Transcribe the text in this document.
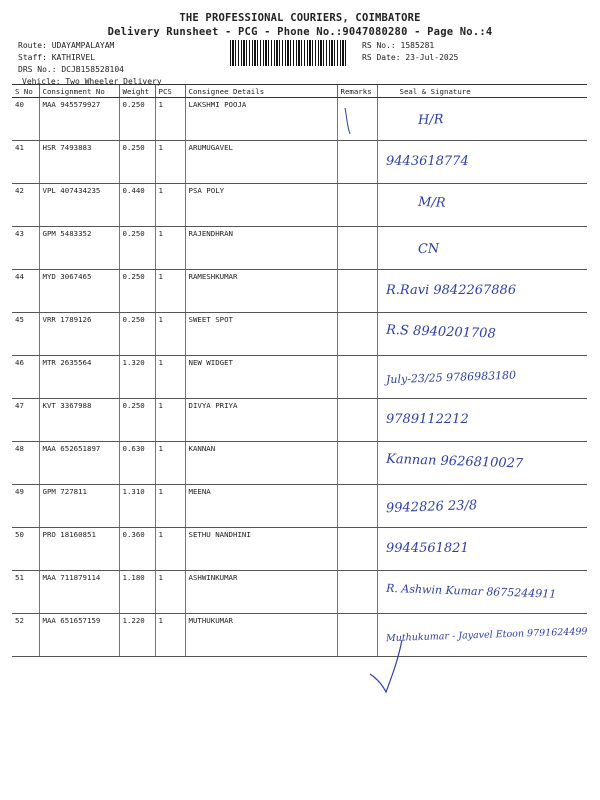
THE PROFESSIONAL COURIERS, COIMBATORE
Delivery Runsheet - PCG - Phone No.:9047080280 - Page No.:4
Route: UDAYAMPALAYAM
Staff: KATHIRVEL
DRS No.: DCJB158528104
Vehicle: Two Wheeler Delivery
RS No.: 1585281
RS Date: 23-Jul-2025
S No	Consignment No	Weight	PCS	Consignee Details	Remarks	Seal & Signature
40	MAA 945579927	0.250	1	LAKSHMI POOJA		H/R

41	HSR 7493883	0.250	1	ARUMUGAVEL		9443618774

42	VPL 407434235	0.440	1	PSA POLY		M/R

43	GPM 5483352	0.250	1	RAJENDHRAN		CN

44	MYD 3067465	0.250	1	RAMESHKUMAR		R.Ravi 9842267886

45	VRR 1789126	0.250	1	SWEET SPOT		R.S 8940201708

46	MTR 2635564	1.320	1	NEW WIDGET		July-23/25 9786983180

47	KVT 3367988	0.250	1	DIVYA PRIYA		9789112212

48	MAA 652651897	0.630	1	KANNAN		Kannan 9626810027

49	GPM 727811	1.310	1	MEENA		9942826 23/8

50	PRO 18160851	0.360	1	SETHU NANDHINI		9944561821

51	MAA 711879114	1.180	1	ASHWINKUMAR		R. Ashwin Kumar 8675244911

52	MAA 651657159	1.220	1	MUTHUKUMAR		Muthukumar - Jayavel Etoon 9791624499
